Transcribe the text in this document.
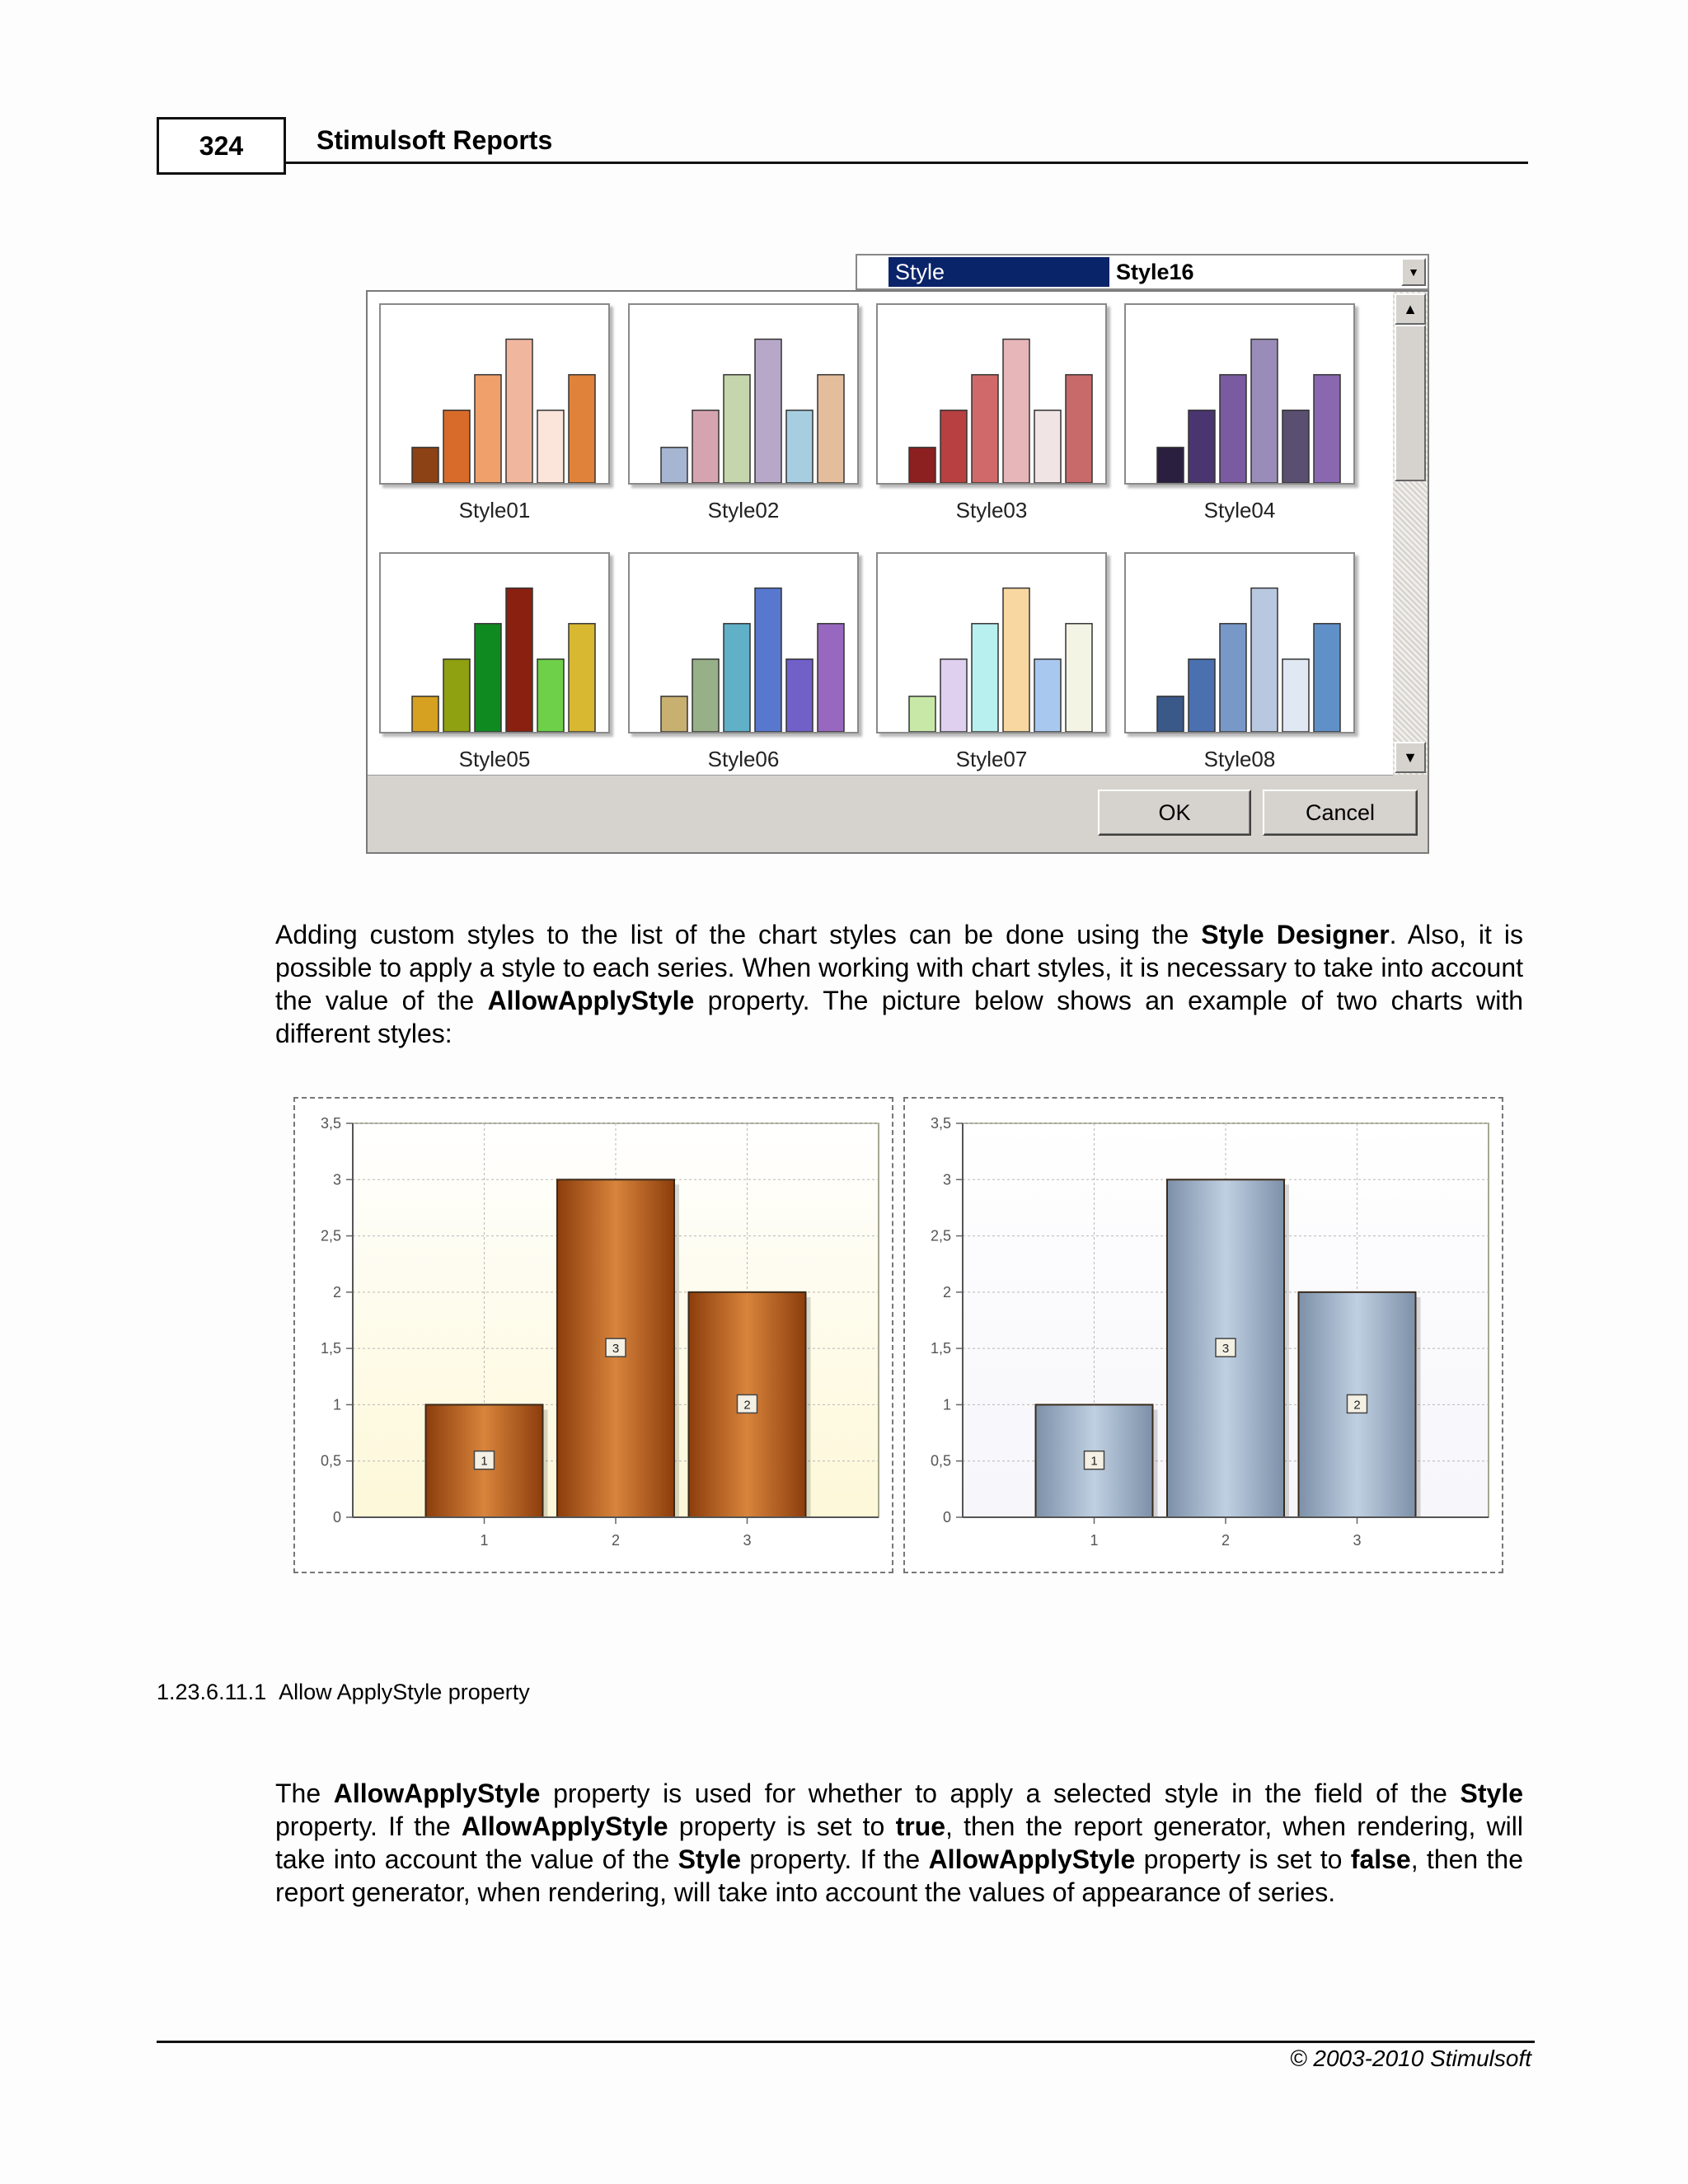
324	Stimulsoft Reports
Style	Style16	▼
Style01	Style02	Style03	Style04
Style05	Style06	Style07	Style08
▲
▼
OK	Cancel
Adding custom styles to the list of the chart styles can be done using the Style Designer. Also, it is possible to apply a style to each series. When working with chart styles, it is necessary to take into account the value of the AllowApplyStyle property. The picture below shows an example of two charts with different styles:
0
0,5
1
1,5
2
2,5
3
3,5
1
1
3
2
2
3
0
0,5
1
1,5
2
2,5
3
3,5
1
1
3
2
2
3
1.23.6.11.1 Allow ApplyStyle property
The AllowApplyStyle property is used for whether to apply a selected style in the field of the Style property. If the AllowApplyStyle property is set to true, then the report generator, when rendering, will take into account the value of the Style property. If the AllowApplyStyle property is set to false, then the report generator, when rendering, will take into account the values of appearance of series.
© 2003-2010 Stimulsoft
